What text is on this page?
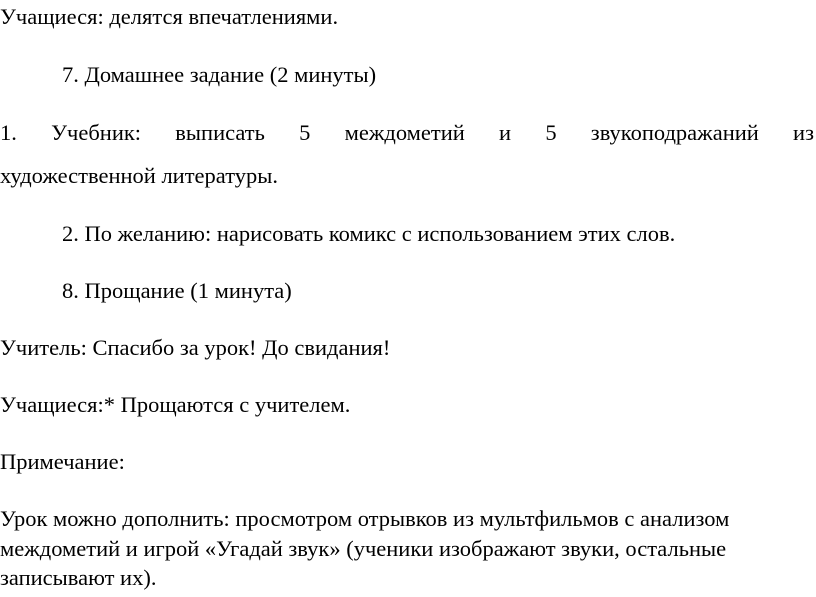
Учащиеся: делятся впечатлениями.

7. Домашнее задание (2 минуты)

1. Учебник: выписать 5 междометий и 5 звукоподражаний из

художественной литературы.

2. По желанию: нарисовать комикс с использованием этих слов.

8. Прощание (1 минута)

Учитель: Спасибо за урок! До свидания!

Учащиеся:* Прощаются с учителем.

Примечание:

Урок можно дополнить: просмотром отрывков из мультфильмов с анализом

междометий и игрой «Угадай звук» (ученики изображают звуки, остальные

записывают их).
